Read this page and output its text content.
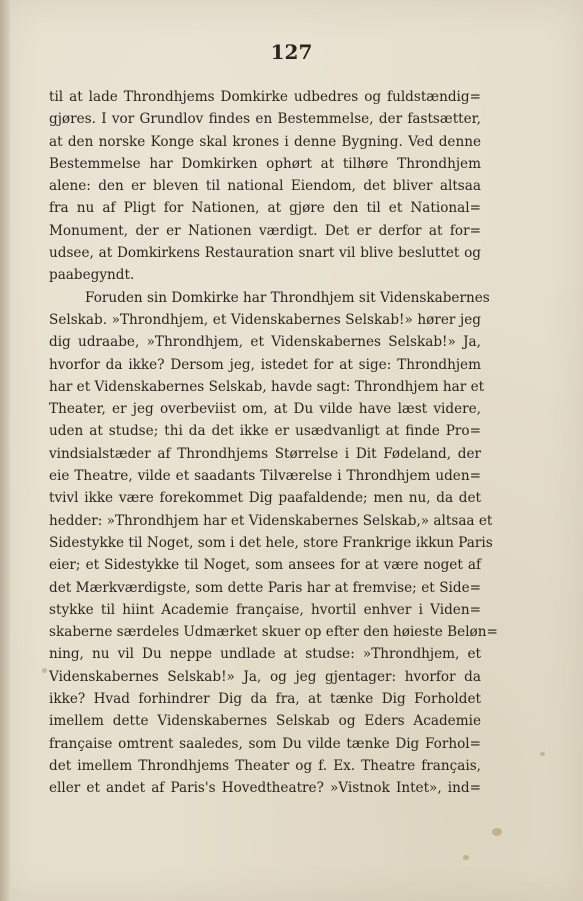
127
til at lade Throndhjems Domkirke udbedres og fuldstændig=
gjøres. I vor Grundlov findes en Bestemmelse, der fastsætter,
at den norske Konge skal krones i denne Bygning. Ved denne
Bestemmelse har Domkirken ophørt at tilhøre Throndhjem
alene: den er bleven til national Eiendom, det bliver altsaa
fra nu af Pligt for Nationen, at gjøre den til et National=
Monument, der er Nationen værdigt. Det er derfor at for=
udsee, at Domkirkens Restauration snart vil blive besluttet og
paabegyndt.
Foruden sin Domkirke har Throndhjem sit Videnskabernes
Selskab. »Throndhjem, et Videnskabernes Selskab!» hører jeg
dig udraabe, »Throndhjem, et Videnskabernes Selskab!» Ja,
hvorfor da ikke? Dersom jeg, istedet for at sige: Throndhjem
har et Videnskabernes Selskab, havde sagt: Throndhjem har et
Theater, er jeg overbeviist om, at Du vilde have læst videre,
uden at studse; thi da det ikke er usædvanligt at finde Pro=
vindsialstæder af Throndhjems Størrelse i Dit Fødeland, der
eie Theatre, vilde et saadants Tilværelse i Throndhjem uden=
tvivl ikke være forekommet Dig paafaldende; men nu, da det
hedder: »Throndhjem har et Videnskabernes Selskab,» altsaa et
Sidestykke til Noget, som i det hele, store Frankrige ikkun Paris
eier; et Sidestykke til Noget, som ansees for at være noget af
det Mærkværdigste, som dette Paris har at fremvise; et Side=
stykke til hiint Academie française, hvortil enhver i Viden=
skaberne særdeles Udmærket skuer op efter den høieste Beløn=
ning, nu vil Du neppe undlade at studse: »Throndhjem, et
Videnskabernes Selskab!» Ja, og jeg gjentager: hvorfor da
ikke? Hvad forhindrer Dig da fra, at tænke Dig Forholdet
imellem dette Videnskabernes Selskab og Eders Academie
française omtrent saaledes, som Du vilde tænke Dig Forhol=
det imellem Throndhjems Theater og f. Ex. Theatre français,
eller et andet af Paris's Hovedtheatre? »Vistnok Intet», ind=
